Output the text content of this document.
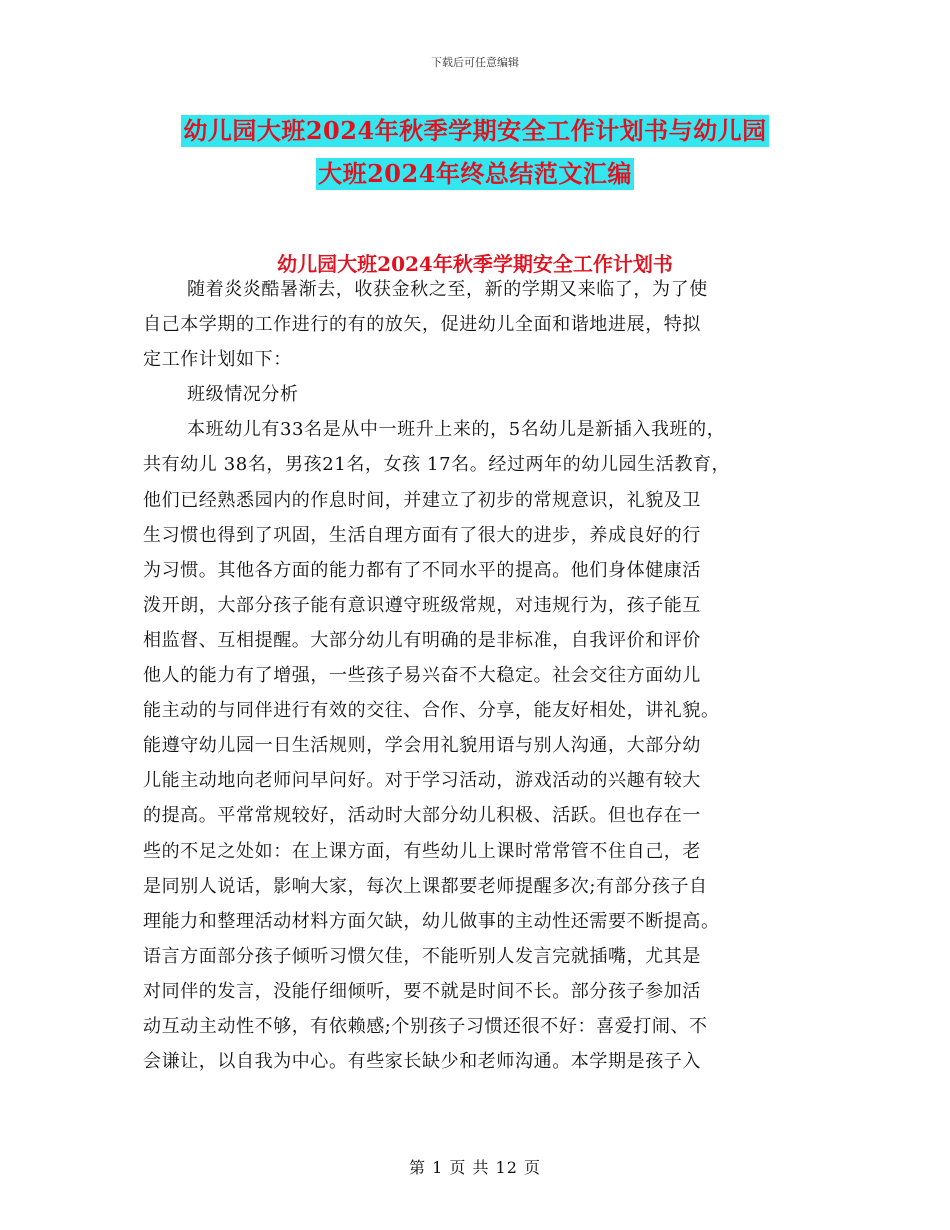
下载后可任意编辑
幼儿园大班2024年秋季学期安全工作计划书与幼儿园
大班2024年终总结范文汇编
幼儿园大班2024年秋季学期安全工作计划书
随着炎炎酷暑渐去，收获金秋之至，新的学期又来临了，为了使
自己本学期的工作进行的有的放矢，促进幼儿全面和谐地进展，特拟
定工作计划如下：
班级情况分析
本班幼儿有33名是从中一班升上来的，5名幼儿是新插入我班的，
共有幼儿 38名，男孩21名，女孩 17名。经过两年的幼儿园生活教育，
他们已经熟悉园内的作息时间，并建立了初步的常规意识，礼貌及卫
生习惯也得到了巩固，生活自理方面有了很大的进步，养成良好的行
为习惯。其他各方面的能力都有了不同水平的提高。他们身体健康活
泼开朗，大部分孩子能有意识遵守班级常规，对违规行为，孩子能互
相监督、互相提醒。大部分幼儿有明确的是非标准，自我评价和评价
他人的能力有了增强，一些孩子易兴奋不大稳定。社会交往方面幼儿
能主动的与同伴进行有效的交往、合作、分享，能友好相处，讲礼貌。
能遵守幼儿园一日生活规则，学会用礼貌用语与别人沟通，大部分幼
儿能主动地向老师问早问好。对于学习活动，游戏活动的兴趣有较大
的提高。平常常规较好，活动时大部分幼儿积极、活跃。但也存在一
些的不足之处如：在上课方面，有些幼儿上课时常常管不住自己，老
是同别人说话，影响大家，每次上课都要老师提醒多次;有部分孩子自
理能力和整理活动材料方面欠缺，幼儿做事的主动性还需要不断提高。
语言方面部分孩子倾听习惯欠佳，不能听别人发言完就插嘴，尤其是
对同伴的发言，没能仔细倾听，要不就是时间不长。部分孩子参加活
动互动主动性不够，有依赖感;个别孩子习惯还很不好：喜爱打闹、不
会谦让，以自我为中心。有些家长缺少和老师沟通。本学期是孩子入
第 1 页 共 12 页
